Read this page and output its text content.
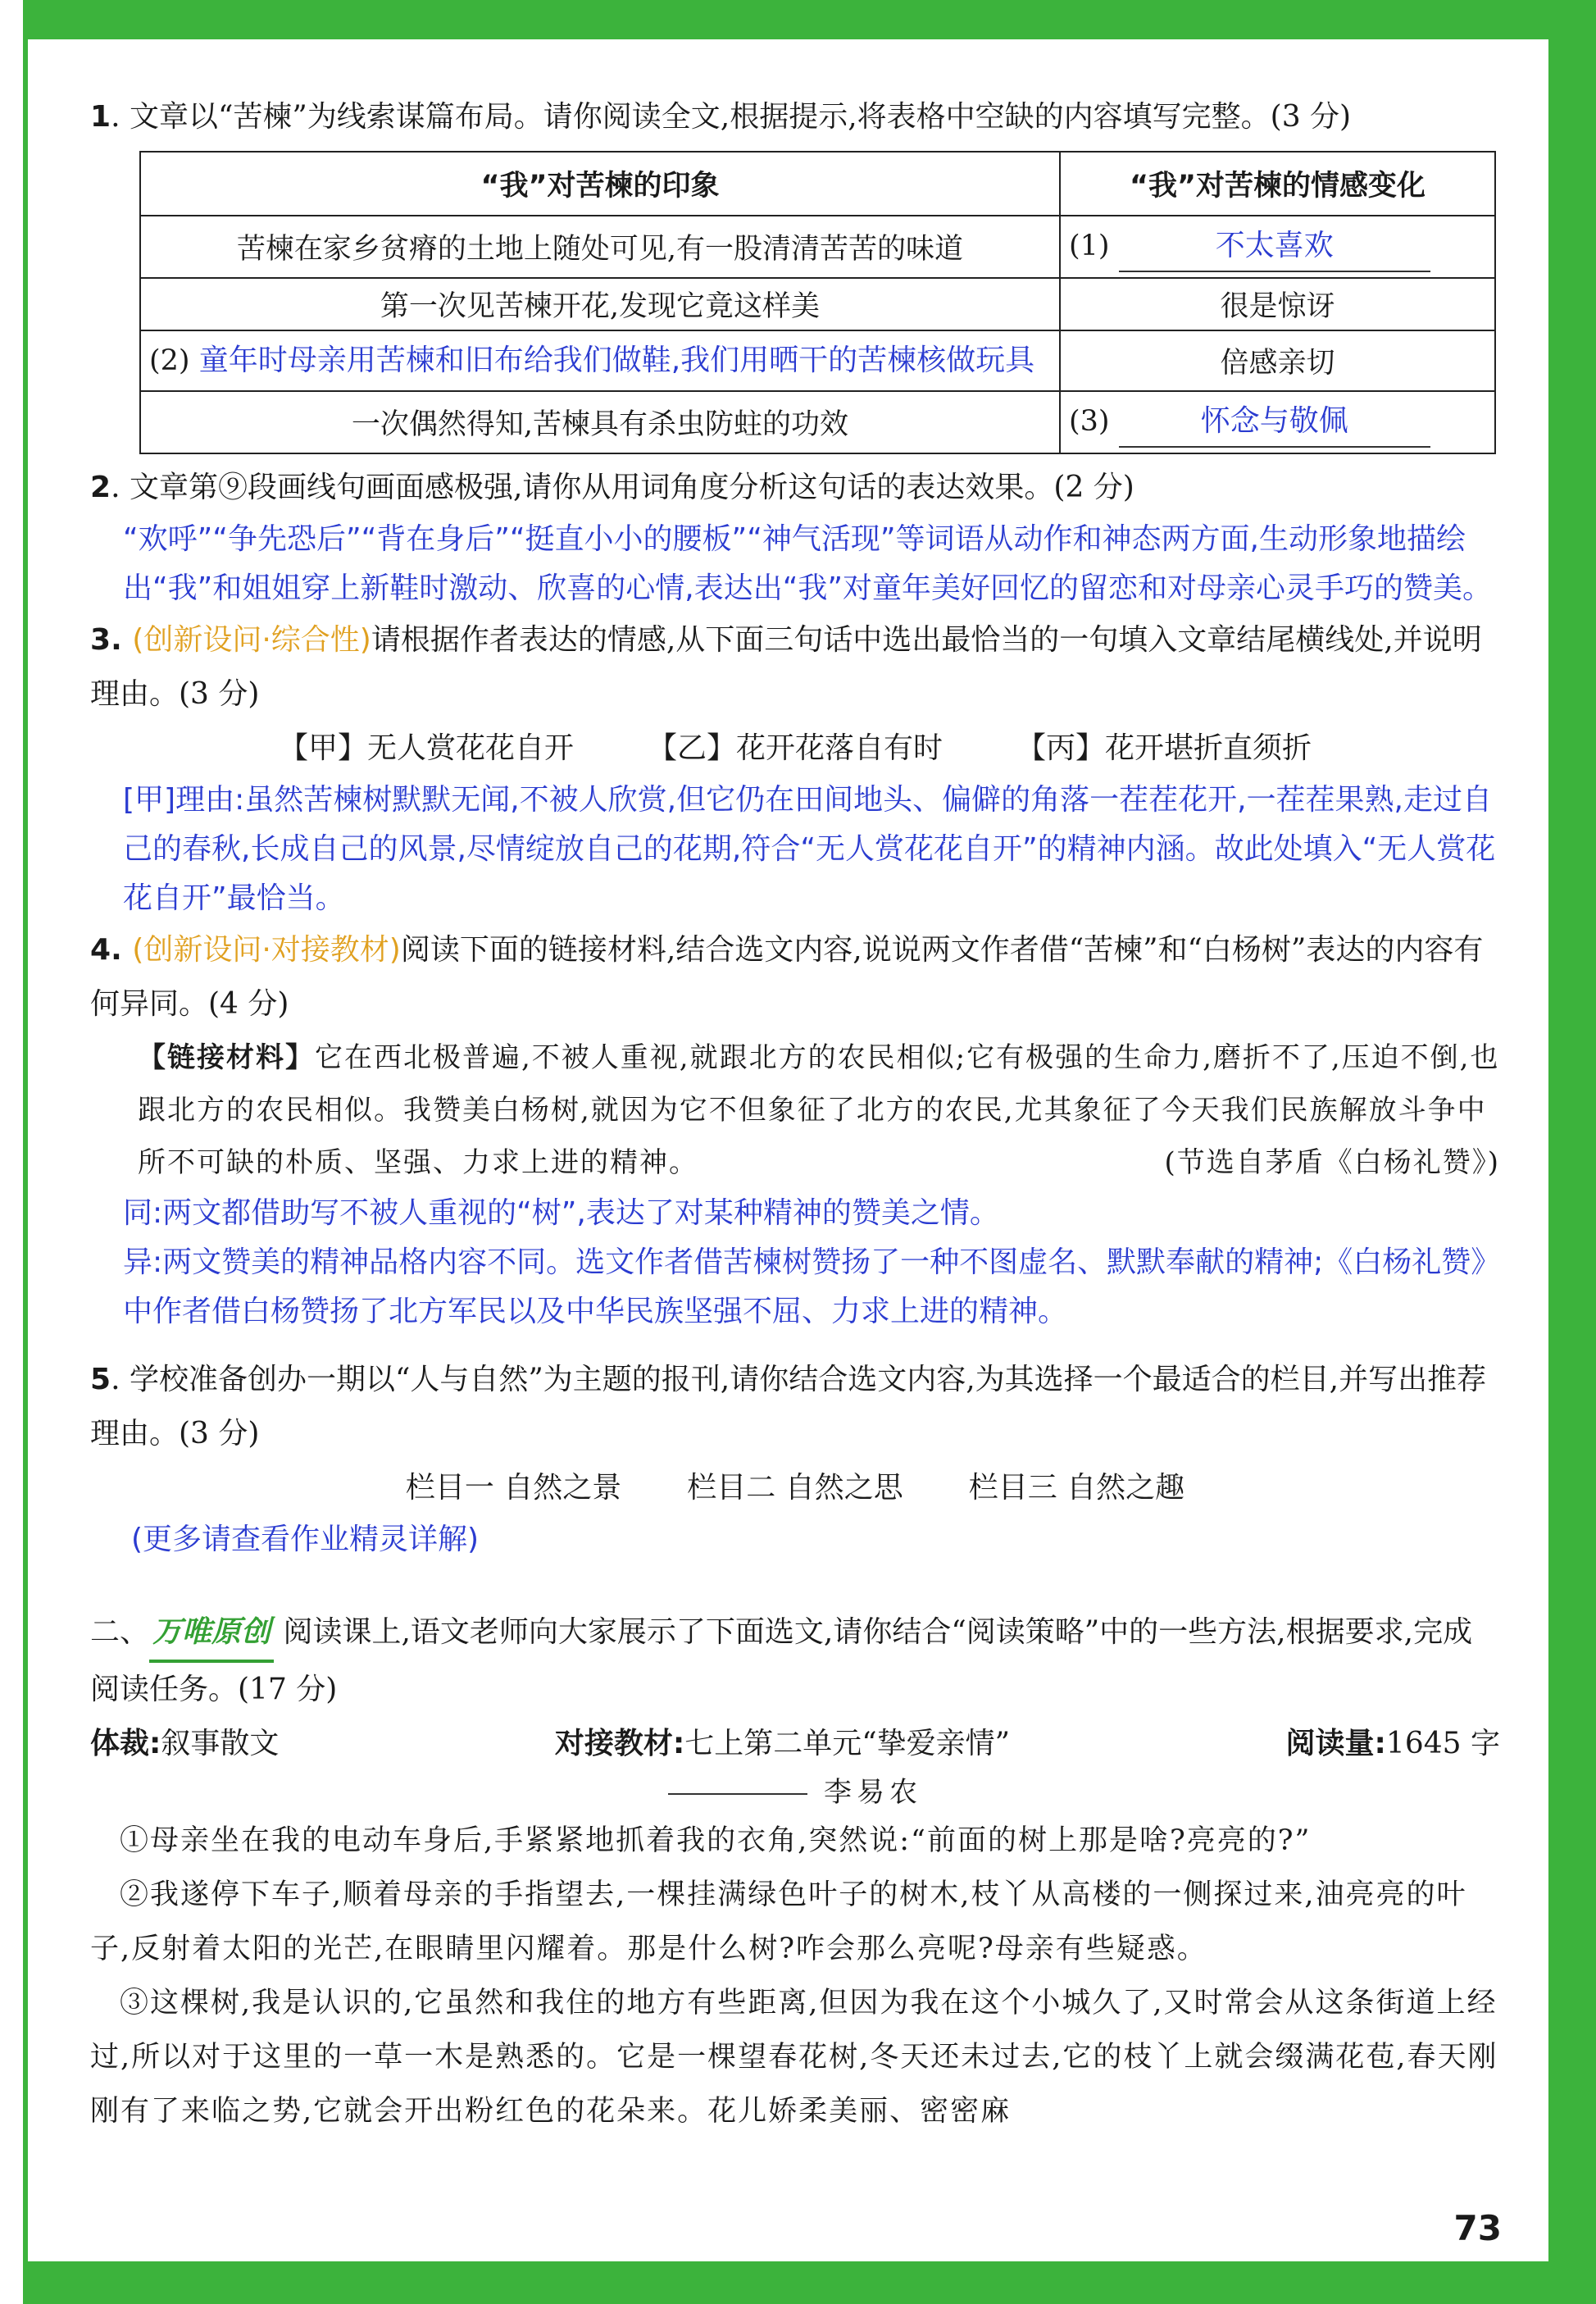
1. 文章以“苦楝”为线索谋篇布局。请你阅读全文,根据提示,将表格中空缺的内容填写完整。(3 分)
“我”对苦楝的印象	“我”对苦楝的情感变化
苦楝在家乡贫瘠的土地上随处可见,有一股清清苦苦的味道	(1) 不太喜欢
第一次见苦楝开花,发现它竟这样美	很是惊讶
(2) 童年时母亲用苦楝和旧布给我们做鞋,我们用晒干的苦楝核做玩具	倍感亲切
一次偶然得知,苦楝具有杀虫防蛀的功效	(3) 怀念与敬佩
2. 文章第⑨段画线句画面感极强,请你从用词角度分析这句话的表达效果。(2 分)
“欢呼”“争先恐后”“背在身后”“挺直小小的腰板”“神气活现”等词语从动作和神态两方面,生动形象地描绘出“我”和姐姐穿上新鞋时激动、欣喜的心情,表达出“我”对童年美好回忆的留恋和对母亲心灵手巧的赞美。
3. (创新设问·综合性)请根据作者表达的情感,从下面三句话中选出最恰当的一句填入文章结尾横线处,并说明理由。(3 分)
【甲】无人赏花花自开	【乙】花开花落自有时	【丙】花开堪折直须折
[甲]理由:虽然苦楝树默默无闻,不被人欣赏,但它仍在田间地头、偏僻的角落一茬茬花开,一茬茬果熟,走过自己的春秋,长成自己的风景,尽情绽放自己的花期,符合“无人赏花花自开”的精神内涵。故此处填入“无人赏花花自开”最恰当。
4. (创新设问·对接教材)阅读下面的链接材料,结合选文内容,说说两文作者借“苦楝”和“白杨树”表达的内容有何异同。(4 分)
【链接材料】它在西北极普遍,不被人重视,就跟北方的农民相似;它有极强的生命力,磨折不了,压迫不倒,也跟北方的农民相似。我赞美白杨树,就因为它不但象征了北方的农民,尤其象征了今天我们民族解放斗争中所不可缺的朴质、坚强、力求上进的精神。	(节选自茅盾《白杨礼赞》)
同:两文都借助写不被人重视的“树”,表达了对某种精神的赞美之情。
异:两文赞美的精神品格内容不同。选文作者借苦楝树赞扬了一种不图虚名、默默奉献的精神;《白杨礼赞》中作者借白杨赞扬了北方军民以及中华民族坚强不屈、力求上进的精神。
5. 学校准备创办一期以“人与自然”为主题的报刊,请你结合选文内容,为其选择一个最适合的栏目,并写出推荐理由。(3 分)
栏目一 自然之景 栏目二 自然之思 栏目三 自然之趣
(更多请查看作业精灵详解)
二、 万唯原创 阅读课上,语文老师向大家展示了下面选文,请你结合“阅读策略”中的一些方法,根据要求,完成阅读任务。(17 分)
体裁:叙事散文	对接教材:七上第二单元“挚爱亲情”	阅读量:1645 字
李易农
①母亲坐在我的电动车身后,手紧紧地抓着我的衣角,突然说:“前面的树上那是啥?亮亮的?”
②我遂停下车子,顺着母亲的手指望去,一棵挂满绿色叶子的树木,枝丫从高楼的一侧探过来,油亮亮的叶子,反射着太阳的光芒,在眼睛里闪耀着。那是什么树?咋会那么亮呢?母亲有些疑惑。
③这棵树,我是认识的,它虽然和我住的地方有些距离,但因为我在这个小城久了,又时常会从这条街道上经过,所以对于这里的一草一木是熟悉的。它是一棵望春花树,冬天还未过去,它的枝丫上就会缀满花苞,春天刚刚有了来临之势,它就会开出粉红色的花朵来。花儿娇柔美丽、密密麻
73
